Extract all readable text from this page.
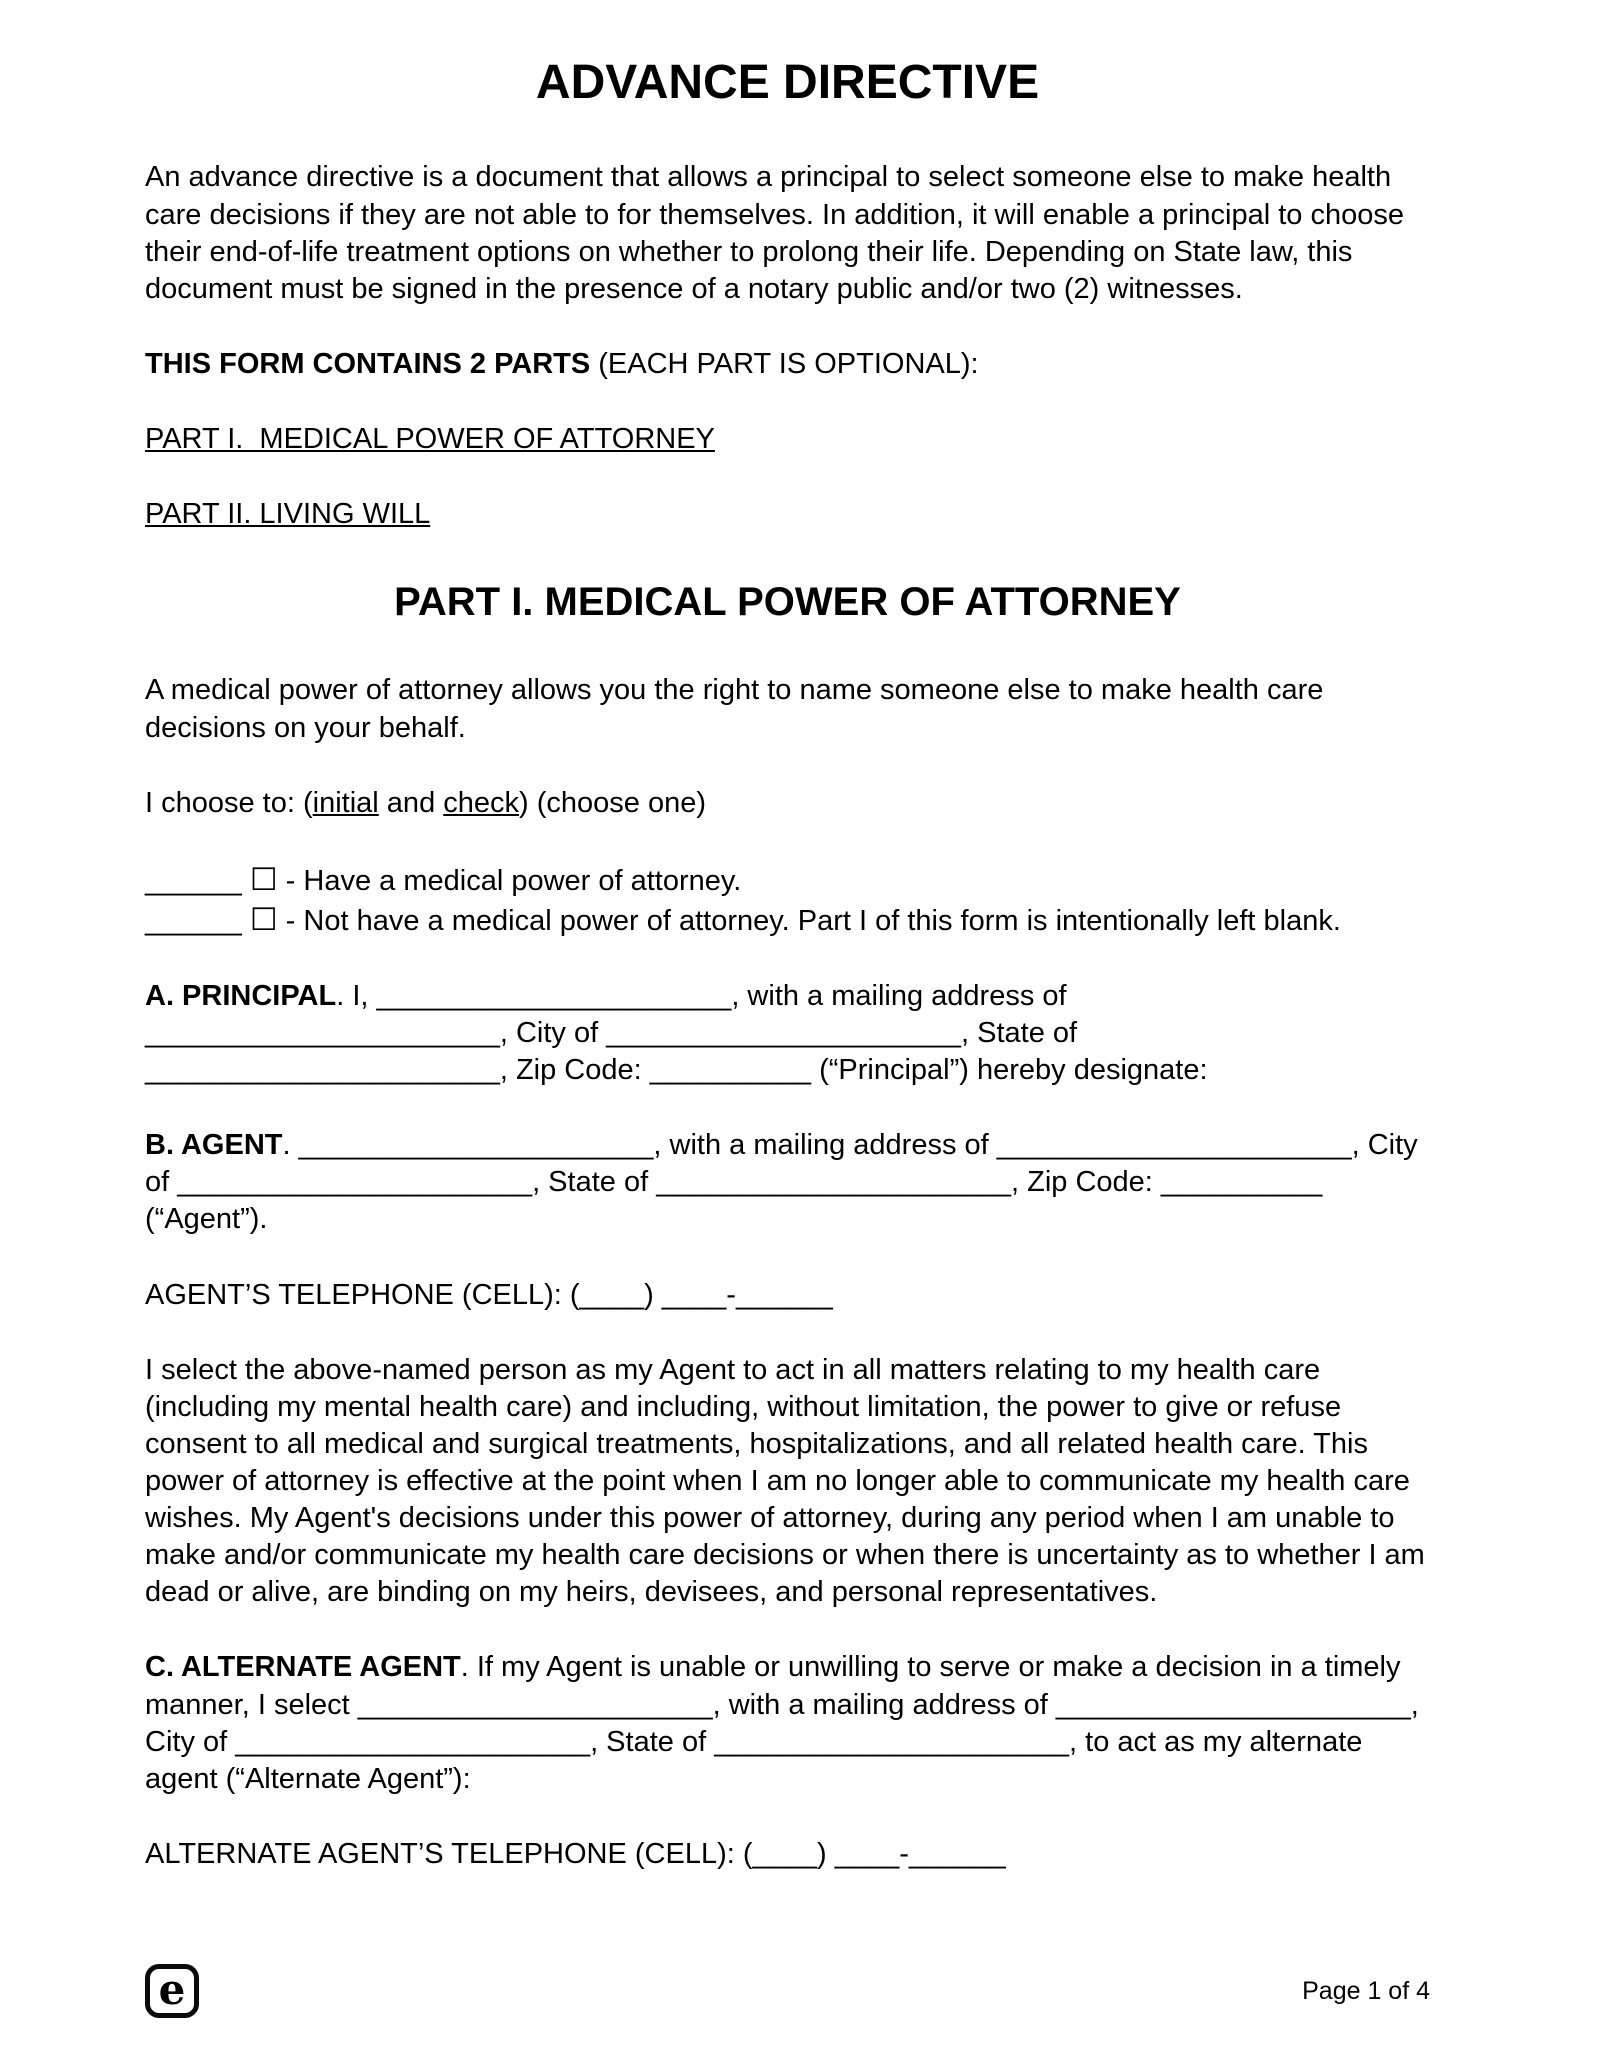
ADVANCE DIRECTIVE

An advance directive is a document that allows a principal to select someone else to make health care decisions if they are not able to for themselves. In addition, it will enable a principal to choose their end-of-life treatment options on whether to prolong their life. Depending on State law, this document must be signed in the presence of a notary public and/or two (2) witnesses.

THIS FORM CONTAINS 2 PARTS (EACH PART IS OPTIONAL):

PART I.  MEDICAL POWER OF ATTORNEY

PART II. LIVING WILL

PART I. MEDICAL POWER OF ATTORNEY

A medical power of attorney allows you the right to name someone else to make health care decisions on your behalf.

I choose to: (initial and check) (choose one)

______ ☐ - Have a medical power of attorney.
______ ☐ - Not have a medical power of attorney. Part I of this form is intentionally left blank.

A. PRINCIPAL. I, ______________________, with a mailing address of ______________________, City of ______________________, State of ______________________, Zip Code: __________ (“Principal”) hereby designate:

B. AGENT. ______________________, with a mailing address of ______________________, City of ______________________, State of ______________________, Zip Code: __________ (“Agent”).

AGENT’S TELEPHONE (CELL): (____) ____-______

I select the above-named person as my Agent to act in all matters relating to my health care (including my mental health care) and including, without limitation, the power to give or refuse consent to all medical and surgical treatments, hospitalizations, and all related health care. This power of attorney is effective at the point when I am no longer able to communicate my health care wishes. My Agent's decisions under this power of attorney, during any period when I am unable to make and/or communicate my health care decisions or when there is uncertainty as to whether I am dead or alive, are binding on my heirs, devisees, and personal representatives.

C. ALTERNATE AGENT. If my Agent is unable or unwilling to serve or make a decision in a timely manner, I select ______________________, with a mailing address of ______________________, City of ______________________, State of ______________________, to act as my alternate agent (“Alternate Agent”):

ALTERNATE AGENT’S TELEPHONE (CELL): (____) ____-______

e	Page 1 of 4
